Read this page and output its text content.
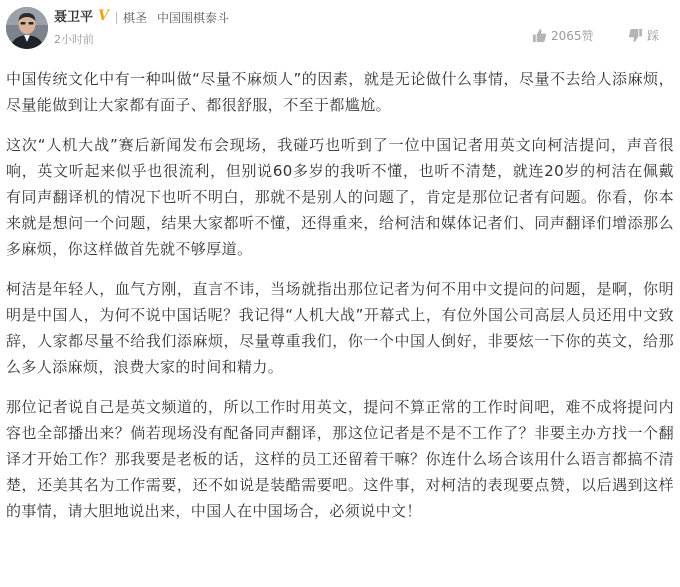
聂卫平 V 棋圣 中国围棋泰斗
2小时前	2065赞	踩

中国传统文化中有一种叫做“尽量不麻烦人”的因素，就是无论做什么事情，尽量不去给人添麻烦，尽量能做到让大家都有面子、都很舒服，不至于都尴尬。

这次“人机大战”赛后新闻发布会现场，我碰巧也听到了一位中国记者用英文向柯洁提问，声音很响，英文听起来似乎也很流利，但别说60多岁的我听不懂，也听不清楚，就连20岁的柯洁在佩戴有同声翻译机的情况下也听不明白，那就不是别人的问题了，肯定是那位记者有问题。你看，你本来就是想问一个问题，结果大家都听不懂，还得重来，给柯洁和媒体记者们、同声翻译们增添那么多麻烦，你这样做首先就不够厚道。

柯洁是年轻人，血气方刚，直言不讳，当场就指出那位记者为何不用中文提问的问题，是啊，你明明是中国人，为何不说中国话呢？我记得“人机大战”开幕式上，有位外国公司高层人员还用中文致辞，人家都尽量不给我们添麻烦，尽量尊重我们，你一个中国人倒好，非要炫一下你的英文，给那么多人添麻烦，浪费大家的时间和精力。

那位记者说自己是英文频道的，所以工作时用英文，提问不算正常的工作时间吧，难不成将提问内容也全部播出来？倘若现场没有配备同声翻译，那这位记者是不是不工作了？非要主办方找一个翻译才开始工作？那我要是老板的话，这样的员工还留着干嘛？你连什么场合该用什么语言都搞不清楚，还美其名为工作需要，还不如说是装酷需要吧。这件事，对柯洁的表现要点赞，以后遇到这样的事情，请大胆地说出来，中国人在中国场合，必须说中文！
